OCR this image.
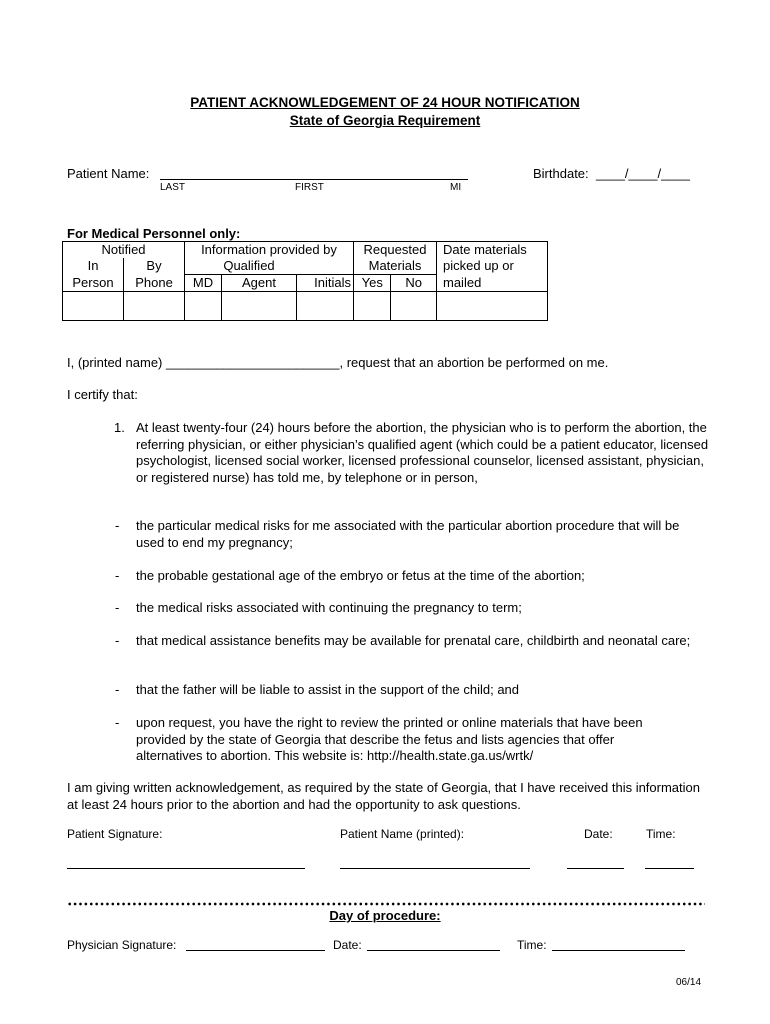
PATIENT ACKNOWLEDGEMENT OF 24 HOUR NOTIFICATION
State of Georgia Requirement
Patient Name:
LAST	FIRST	MI
Birthdate: ____/____/____
For Medical Personnel only:
Notified		Information provided by			Requested		Date materials
In	By	Qualified			Materials		picked up or
Person	Phone	MD	Agent	Initials	Yes	No	mailed

I, (printed name) ________________________, request that an abortion be performed on me.
I certify that:
1. At least twenty-four (24) hours before the abortion, the physician who is to perform the abortion, the referring physician, or either physician’s qualified agent (which could be a patient educator, licensed psychologist, licensed social worker, licensed professional counselor, licensed assistant, physician, or registered nurse) has told me, by telephone or in person,
- the particular medical risks for me associated with the particular abortion procedure that will be used to end my pregnancy;
- the probable gestational age of the embryo or fetus at the time of the abortion;
- the medical risks associated with continuing the pregnancy to term;
- that medical assistance benefits may be available for prenatal care, childbirth and neonatal care;
- that the father will be liable to assist in the support of the child; and
- upon request, you have the right to review the printed or online materials that have been provided by the state of Georgia that describe the fetus and lists agencies that offer alternatives to abortion. This website is: http://health.state.ga.us/wrtk/
I am giving written acknowledgement, as required by the state of Georgia, that I have received this information at least 24 hours prior to the abortion and had the opportunity to ask questions.
Patient Signature:	Patient Name (printed):	Date:	Time:
Day of procedure:
Physician Signature:	Date:	Time:
06/14
